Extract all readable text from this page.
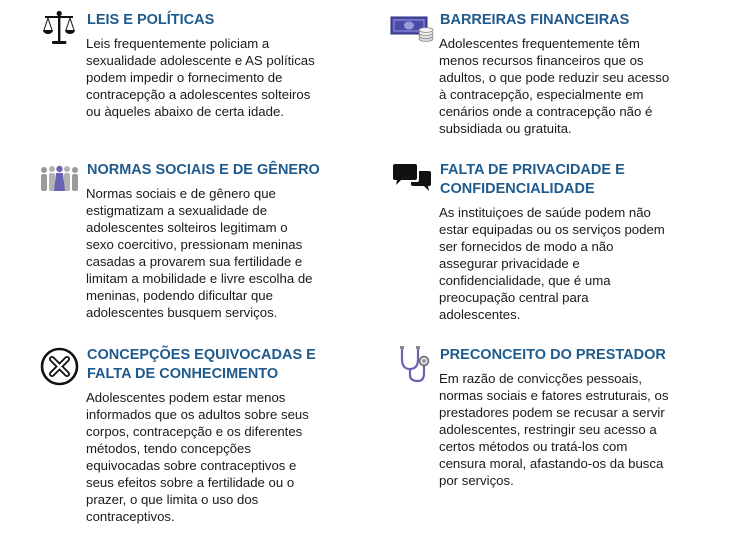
LEIS E POLÍTICAS

Leis frequentemente policiam a
sexualidade adolescente e AS políticas
podem impedir o fornecimento de
contracepção a adolescentes solteiros
ou àqueles abaixo de certa idade.

BARREIRAS FINANCEIRAS

Adolescentes frequentemente têm
menos recursos financeiros que os
adultos, o que pode reduzir seu acesso
à contracepção, especialmente em
cenários onde a contracepção não é
subsidiada ou gratuita.

NORMAS SOCIAIS E DE GÊNERO

Normas sociais e de gênero que
estigmatizam a sexualidade de
adolescentes solteiros legitimam o
sexo coercitivo, pressionam meninas
casadas a provarem sua fertilidade e
limitam a mobilidade e livre escolha de
meninas, podendo dificultar que
adolescentes busquem serviços.

FALTA DE PRIVACIDADE E
CONFIDENCIALIDADE

As instituiçoes de saúde podem não
estar equipadas ou os serviços podem
ser fornecidos de modo a não
assegurar privacidade e
confidencialidade, que é uma
preocupação central para
adolescentes.

CONCEPÇÕES EQUIVOCADAS E
FALTA DE CONHECIMENTO

Adolescentes podem estar menos
informados que os adultos sobre seus
corpos, contracepção e os diferentes
métodos, tendo concepções
equivocadas sobre contraceptivos e
seus efeitos sobre a fertilidade ou o
prazer, o que limita o uso dos
contraceptivos.

PRECONCEITO DO PRESTADOR

Em razão de convicções pessoais,
normas sociais e fatores estruturais, os
prestadores podem se recusar a servir
adolescentes, restringir seu acesso a
certos métodos ou tratá-los com
censura moral, afastando-os da busca
por serviços.
